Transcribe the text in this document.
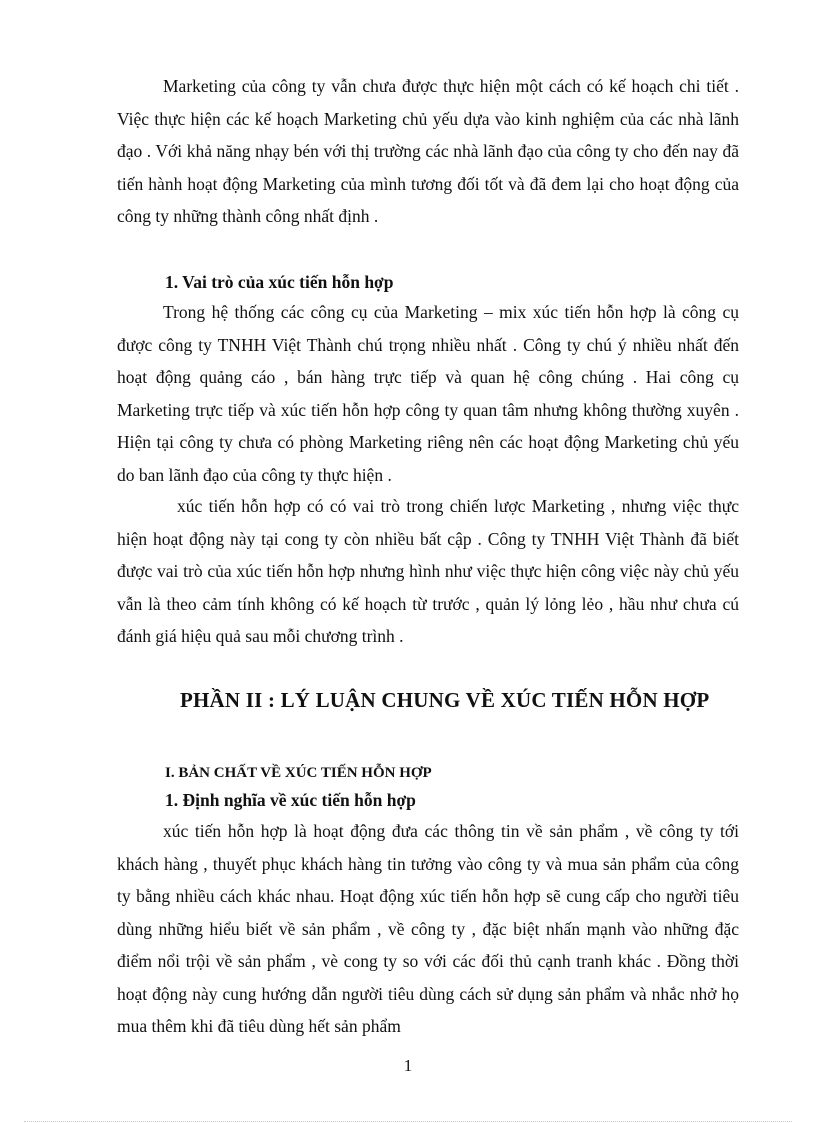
Marketing của công ty vẫn chưa được thực hiện một cách có kế hoạch chi tiết . Việc thực hiện các kế hoạch Marketing chủ yếu dựa vào kinh nghiệm của các nhà lãnh đạo . Với khả năng nhạy bén với thị trường các nhà lãnh đạo của công ty cho đến nay đã tiến hành hoạt động Marketing của mình tương đối tốt và đã đem lại cho hoạt động của công ty những thành công nhất định .

1. Vai trò của xúc tiến hỗn hợp

Trong hệ thống các công cụ của Marketing – mix xúc tiến hỗn hợp là công cụ được công ty TNHH Việt Thành chú trọng nhiều nhất . Công ty chú ý nhiều nhất đến hoạt động quảng cáo , bán hàng trực tiếp và quan hệ công chúng . Hai công cụ Marketing trực tiếp và xúc tiến hỗn hợp công ty quan tâm nhưng không thường xuyên . Hiện tại công ty chưa có phòng Marketing riêng nên các hoạt động Marketing chủ yếu do ban lãnh đạo của công ty thực hiện .

xúc tiến hỗn hợp có có vai trò trong chiến lược Marketing , nhưng việc thực hiện hoạt động này tại cong ty còn nhiều bất cập . Công ty TNHH Việt Thành đã biết được vai trò của xúc tiến hỗn hợp nhưng hình như việc thực hiện công việc này chủ yếu vẫn là theo cảm tính không có kế hoạch từ trước , quản lý lỏng lẻo , hầu như chưa cú đánh giá hiệu quả sau mỗi chương trình .

PHẦN II : LÝ LUẬN CHUNG VỀ XÚC TIẾN HỖN HỢP
I. BẢN CHẤT VỀ XÚC TIẾN HỖN HỢP
1. Định nghĩa về xúc tiến hỗn hợp

xúc tiến hỗn hợp là hoạt động đưa các thông tin về sản phẩm , về công ty tới khách hàng , thuyết phục khách hàng tin tưởng vào công ty và mua sản phẩm của công ty bằng nhiều cách khác nhau. Hoạt động xúc tiến hỗn hợp sẽ cung cấp cho người tiêu dùng những hiểu biết về sản phẩm , về công ty , đặc biệt nhấn mạnh vào những đặc điểm nổi trội về sản phẩm , vè cong ty so với các đối thủ cạnh tranh khác . Đồng thời hoạt động này cung hướng dẫn người tiêu dùng cách sử dụng sản phẩm và nhắc nhở họ mua thêm khi đã tiêu dùng hết sản phẩm

1
